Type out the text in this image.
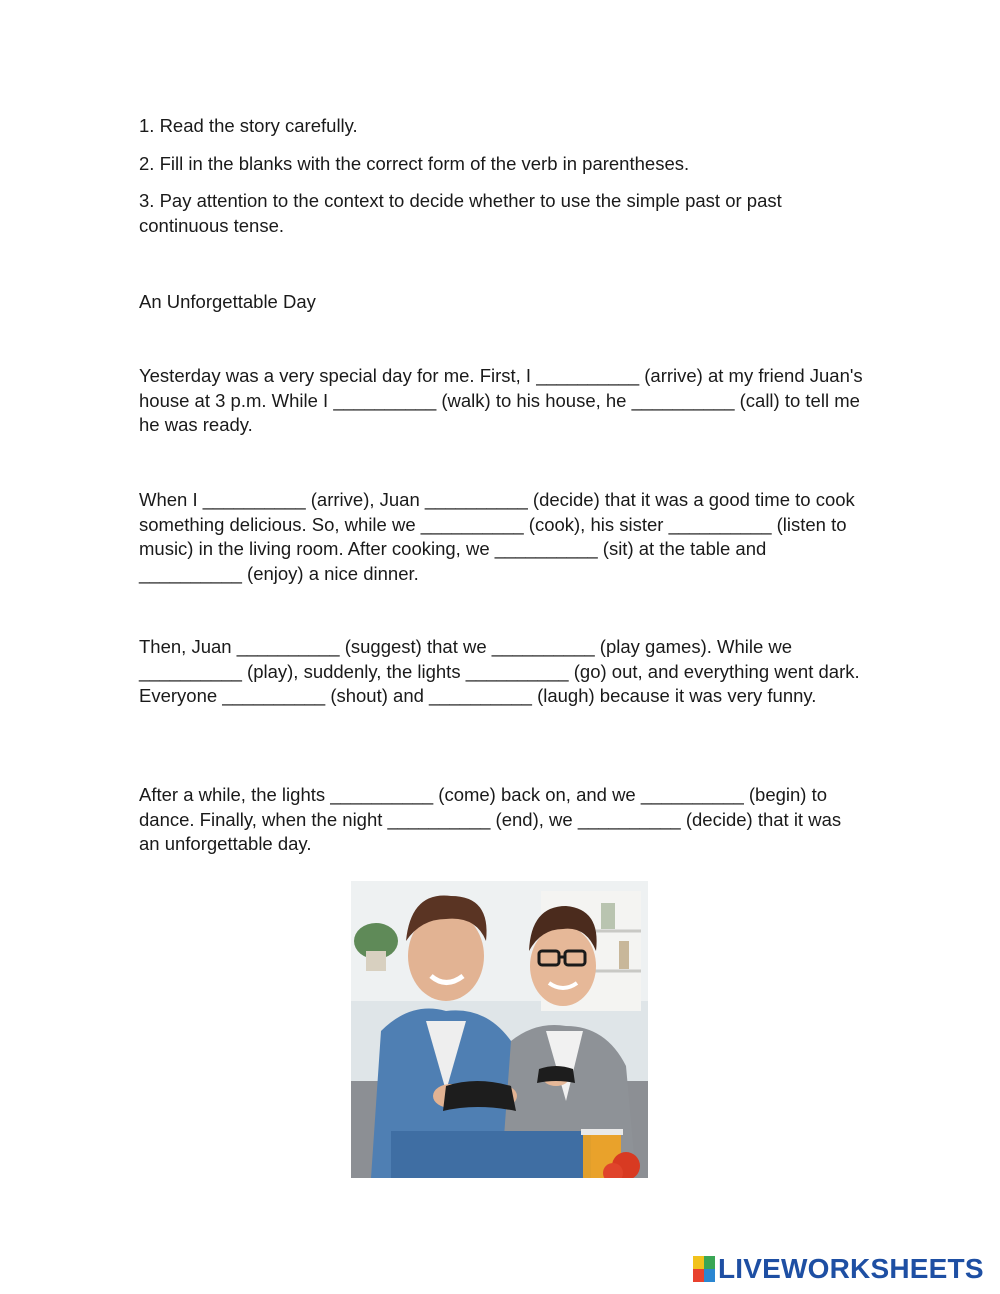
1. Read the story carefully.

2. Fill in the blanks with the correct form of the verb in parentheses.

3. Pay attention to the context to decide whether to use the simple past or past continuous tense.

An Unforgettable Day

Yesterday was a very special day for me. First, I __________ (arrive) at my friend Juan's house at 3 p.m. While I __________ (walk) to his house, he __________ (call) to tell me he was ready.

When I __________ (arrive), Juan __________ (decide) that it was a good time to cook something delicious. So, while we __________ (cook), his sister __________ (listen to music) in the living room. After cooking, we __________ (sit) at the table and __________ (enjoy) a nice dinner.

Then, Juan __________ (suggest) that we __________ (play games). While we __________ (play), suddenly, the lights __________ (go) out, and everything went dark. Everyone __________ (shout) and __________ (laugh) because it was very funny.

After a while, the lights __________ (come) back on, and we __________ (begin) to dance. Finally, when the night __________ (end), we __________ (decide) that it was an unforgettable day.

LIVEWORKSHEETS
